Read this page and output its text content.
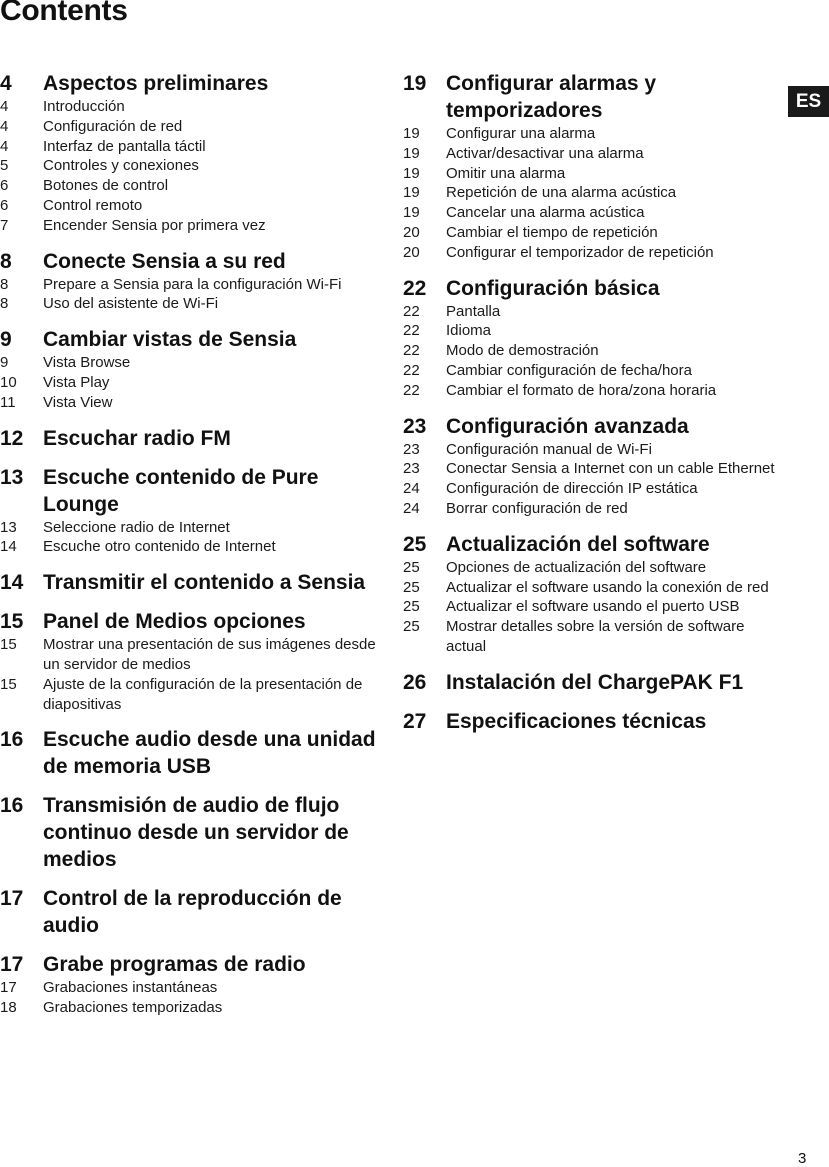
Contents
ES
4	Aspectos preliminares
4	Introducción
4	Configuración de red
4	Interfaz de pantalla táctil
5	Controles y conexiones
6	Botones de control
6	Control remoto
7	Encender Sensia por primera vez
8	Conecte Sensia a su red
8	Prepare a Sensia para la configuración Wi-Fi
8	Uso del asistente de Wi-Fi
9	Cambiar vistas de Sensia
9	Vista Browse
10	Vista Play
11	Vista View
12 Escuchar radio FM
13 Escuche contenido de Pure Lounge
13	Seleccione radio de Internet
14	Escuche otro contenido de Internet
14 Transmitir el contenido a Sensia
15 Panel de Medios opciones
15	Mostrar una presentación de sus imágenes desde un servidor de medios
15	Ajuste de la configuración de la presentación de diapositivas
16 Escuche audio desde una unidad de memoria USB
16 Transmisión de audio de flujo continuo desde un servidor de medios
17 Control de la reproducción de audio
17 Grabe programas de radio
17	Grabaciones instantáneas
18	Grabaciones temporizadas
19 Configurar alarmas y temporizadores
19	Configurar una alarma
19	Activar/desactivar una alarma
19	Omitir una alarma
19	Repetición de una alarma acústica
19	Cancelar una alarma acústica
20	Cambiar el tiempo de repetición
20	Configurar el temporizador de repetición
22 Configuración básica
22	Pantalla
22	Idioma
22	Modo de demostración
22	Cambiar configuración de fecha/hora
22	Cambiar el formato de hora/zona horaria
23 Configuración avanzada
23	Configuración manual de Wi-Fi
23	Conectar Sensia a Internet con un cable Ethernet
24	Configuración de dirección IP estática
24	Borrar configuración de red
25 Actualización del software
25	Opciones de actualización del software
25	Actualizar el software usando la conexión de red
25	Actualizar el software usando el puerto USB
25	Mostrar detalles sobre la versión de software actual
26 Instalación del ChargePAK F1
27 Especificaciones técnicas
3
